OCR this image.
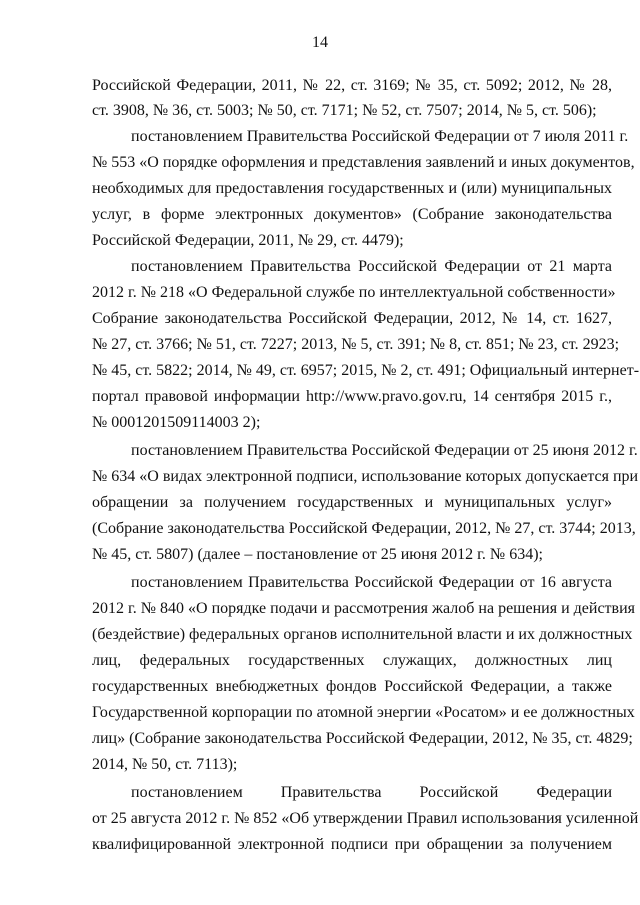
14
Российской Федерации, 2011, № 22, ст. 3169; № 35, ст. 5092; 2012, № 28,
ст. 3908, № 36, ст. 5003; № 50, ст. 7171; № 52, ст. 7507; 2014, № 5, ст. 506);
постановлением Правительства Российской Федерации от 7 июля 2011 г.
№ 553 «О порядке оформления и представления заявлений и иных документов,
необходимых для предоставления государственных и (или) муниципальных
услуг, в форме электронных документов» (Собрание законодательства
Российской Федерации, 2011, № 29, ст. 4479);
постановлением Правительства Российской Федерации от 21 марта
2012 г. № 218 «О Федеральной службе по интеллектуальной собственности»
Собрание законодательства Российской Федерации, 2012, № 14, ст. 1627,
№ 27, ст. 3766; № 51, ст. 7227; 2013, № 5, ст. 391; № 8, ст. 851; № 23, ст. 2923;
№ 45, ст. 5822; 2014, № 49, ст. 6957; 2015, № 2, ст. 491; Официальный интернет-
портал правовой информации http://www.pravo.gov.ru, 14 сентября 2015 г.,
№ 0001201509114003 2);
постановлением Правительства Российской Федерации от 25 июня 2012 г.
№ 634 «О видах электронной подписи, использование которых допускается при
обращении за получением государственных и муниципальных услуг»
(Собрание законодательства Российской Федерации, 2012, № 27, ст. 3744; 2013,
№ 45, ст. 5807) (далее – постановление от 25 июня 2012 г. № 634);
постановлением Правительства Российской Федерации от 16 августа
2012 г. № 840 «О порядке подачи и рассмотрения жалоб на решения и действия
(бездействие) федеральных органов исполнительной власти и их должностных
лиц, федеральных государственных служащих, должностных лиц
государственных внебюджетных фондов Российской Федерации, а также
Государственной корпорации по атомной энергии «Росатом» и ее должностных
лиц» (Собрание законодательства Российской Федерации, 2012, № 35, ст. 4829;
2014, № 50, ст. 7113);
постановлением Правительства Российской Федерации
от 25 августа 2012 г. № 852 «Об утверждении Правил использования усиленной
квалифицированной электронной подписи при обращении за получением
